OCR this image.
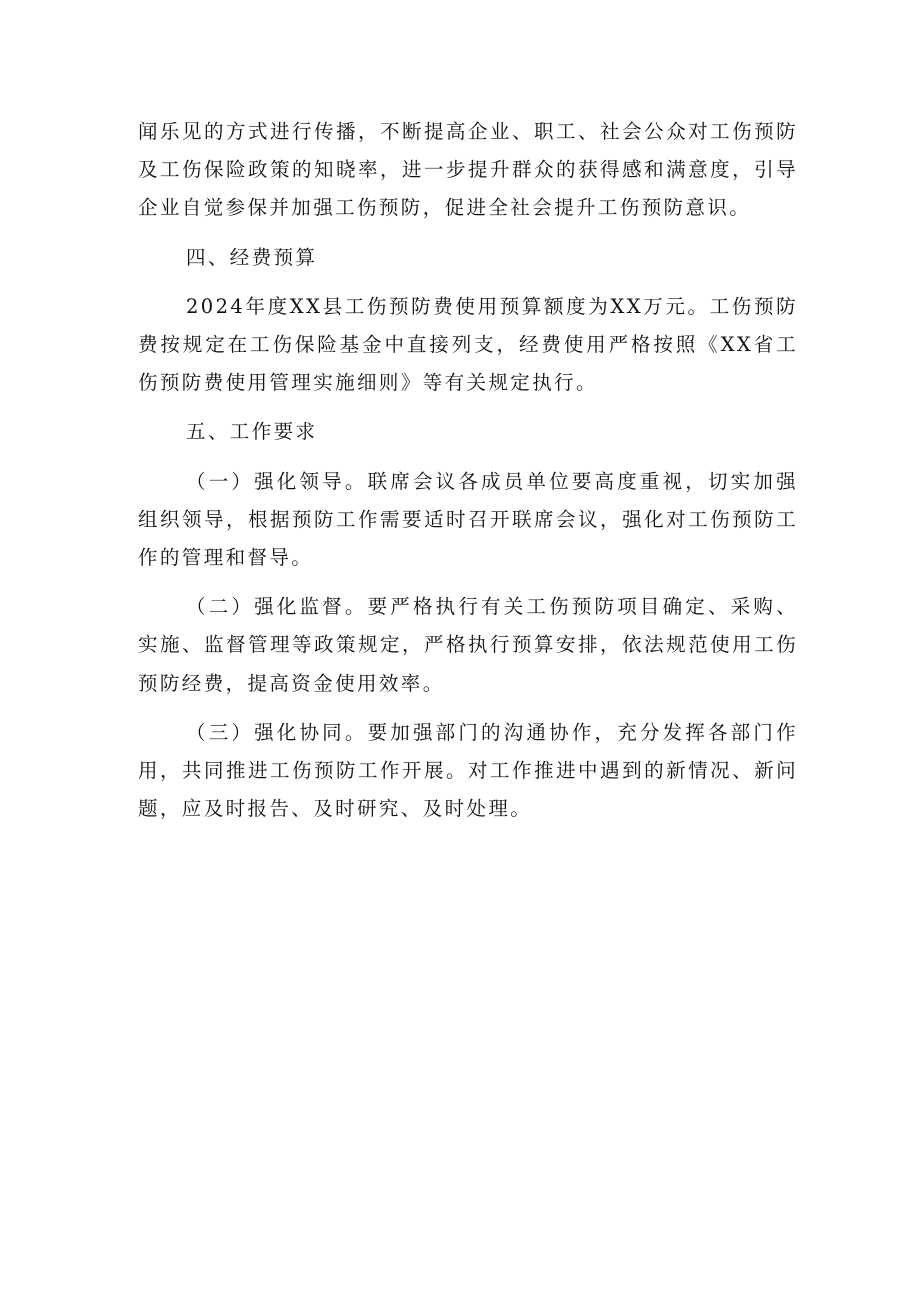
闻乐见的方式进行传播，不断提高企业、职工、社会公众对工伤预防及工伤保险政策的知晓率，进一步提升群众的获得感和满意度，引导企业自觉参保并加强工伤预防，促进全社会提升工伤预防意识。

四、经费预算

2024年度XX县工伤预防费使用预算额度为XX万元。工伤预防费按规定在工伤保险基金中直接列支，经费使用严格按照《XX省工伤预防费使用管理实施细则》等有关规定执行。

五、工作要求

（一）强化领导。联席会议各成员单位要高度重视，切实加强组织领导，根据预防工作需要适时召开联席会议，强化对工伤预防工作的管理和督导。

（二）强化监督。要严格执行有关工伤预防项目确定、采购、实施、监督管理等政策规定，严格执行预算安排，依法规范使用工伤预防经费，提高资金使用效率。

（三）强化协同。要加强部门的沟通协作，充分发挥各部门作用，共同推进工伤预防工作开展。对工作推进中遇到的新情况、新问题，应及时报告、及时研究、及时处理。
